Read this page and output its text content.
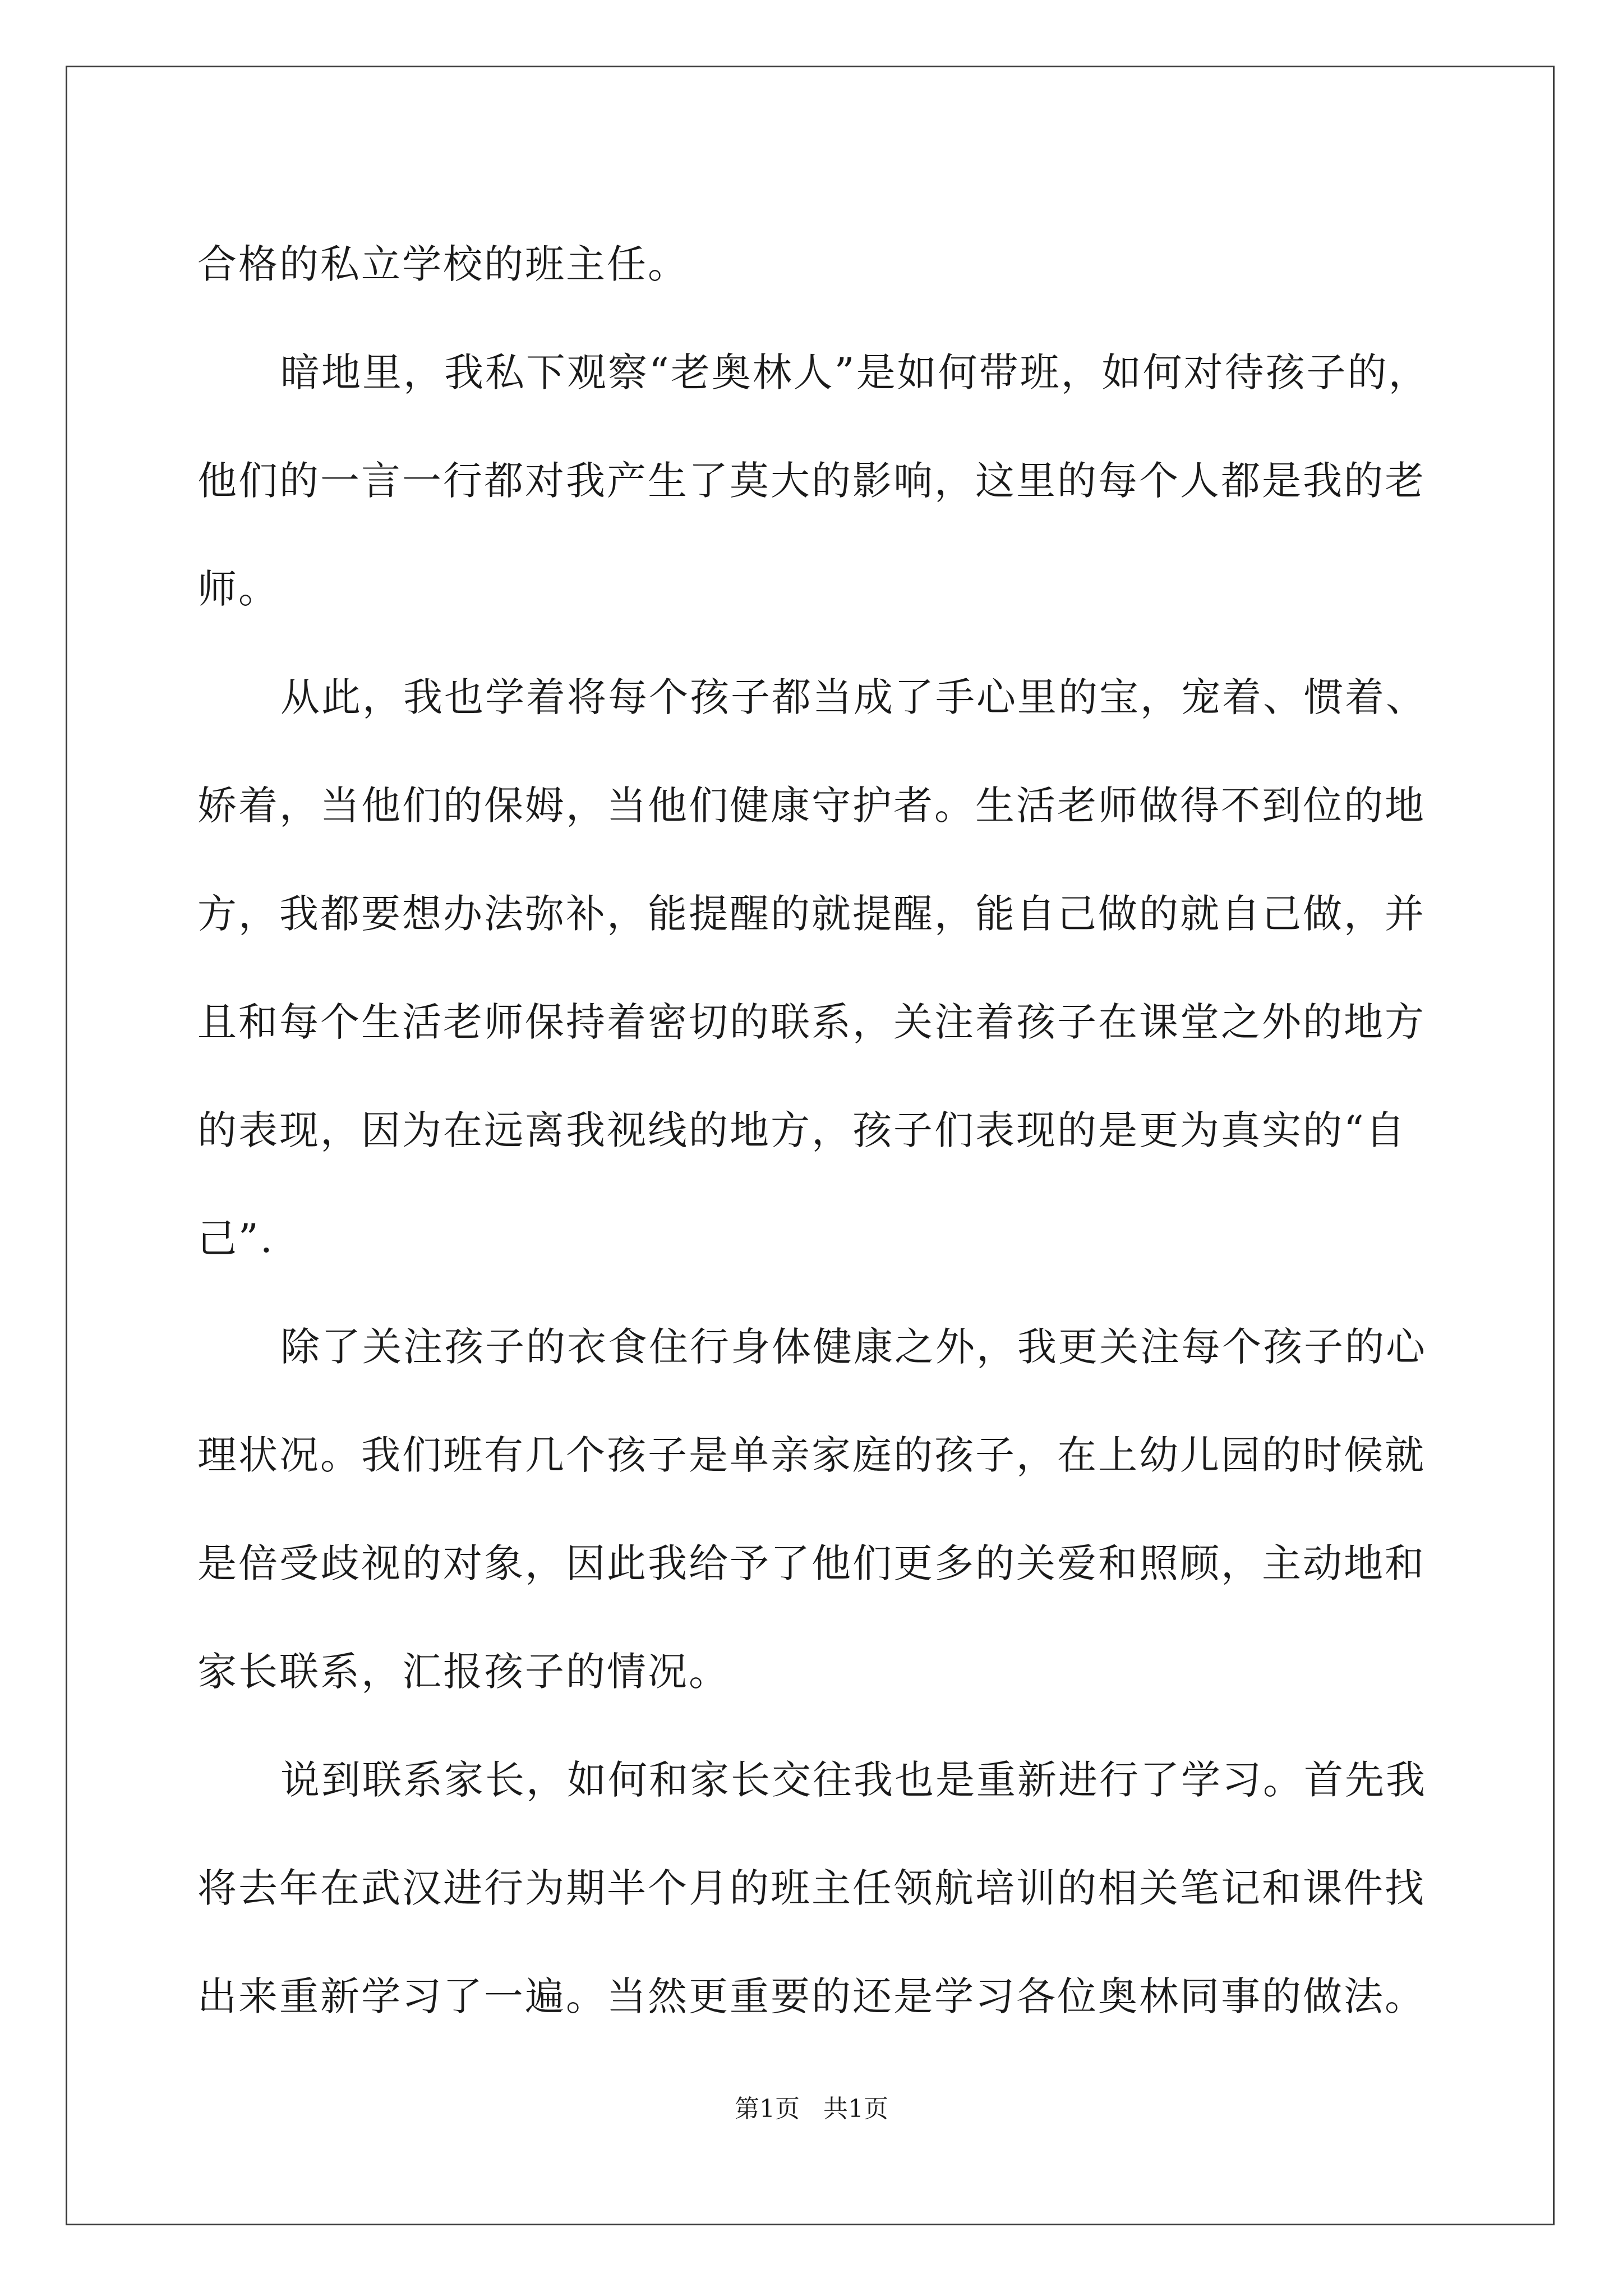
合格的私立学校的班主任。
暗地里，我私下观察“老奥林人”是如何带班，如何对待孩子的，
他们的一言一行都对我产生了莫大的影响，这里的每个人都是我的老
师。
从此，我也学着将每个孩子都当成了手心里的宝，宠着、惯着、
娇着，当他们的保姆，当他们健康守护者。生活老师做得不到位的地
方，我都要想办法弥补，能提醒的就提醒，能自己做的就自己做，并
且和每个生活老师保持着密切的联系，关注着孩子在课堂之外的地方
的表现，因为在远离我视线的地方，孩子们表现的是更为真实的“自
己”.
除了关注孩子的衣食住行身体健康之外，我更关注每个孩子的心
理状况。我们班有几个孩子是单亲家庭的孩子，在上幼儿园的时候就
是倍受歧视的对象，因此我给予了他们更多的关爱和照顾，主动地和
家长联系，汇报孩子的情况。
说到联系家长，如何和家长交往我也是重新进行了学习。首先我
将去年在武汉进行为期半个月的班主任领航培训的相关笔记和课件找
出来重新学习了一遍。当然更重要的还是学习各位奥林同事的做法。
第1页   共1页
